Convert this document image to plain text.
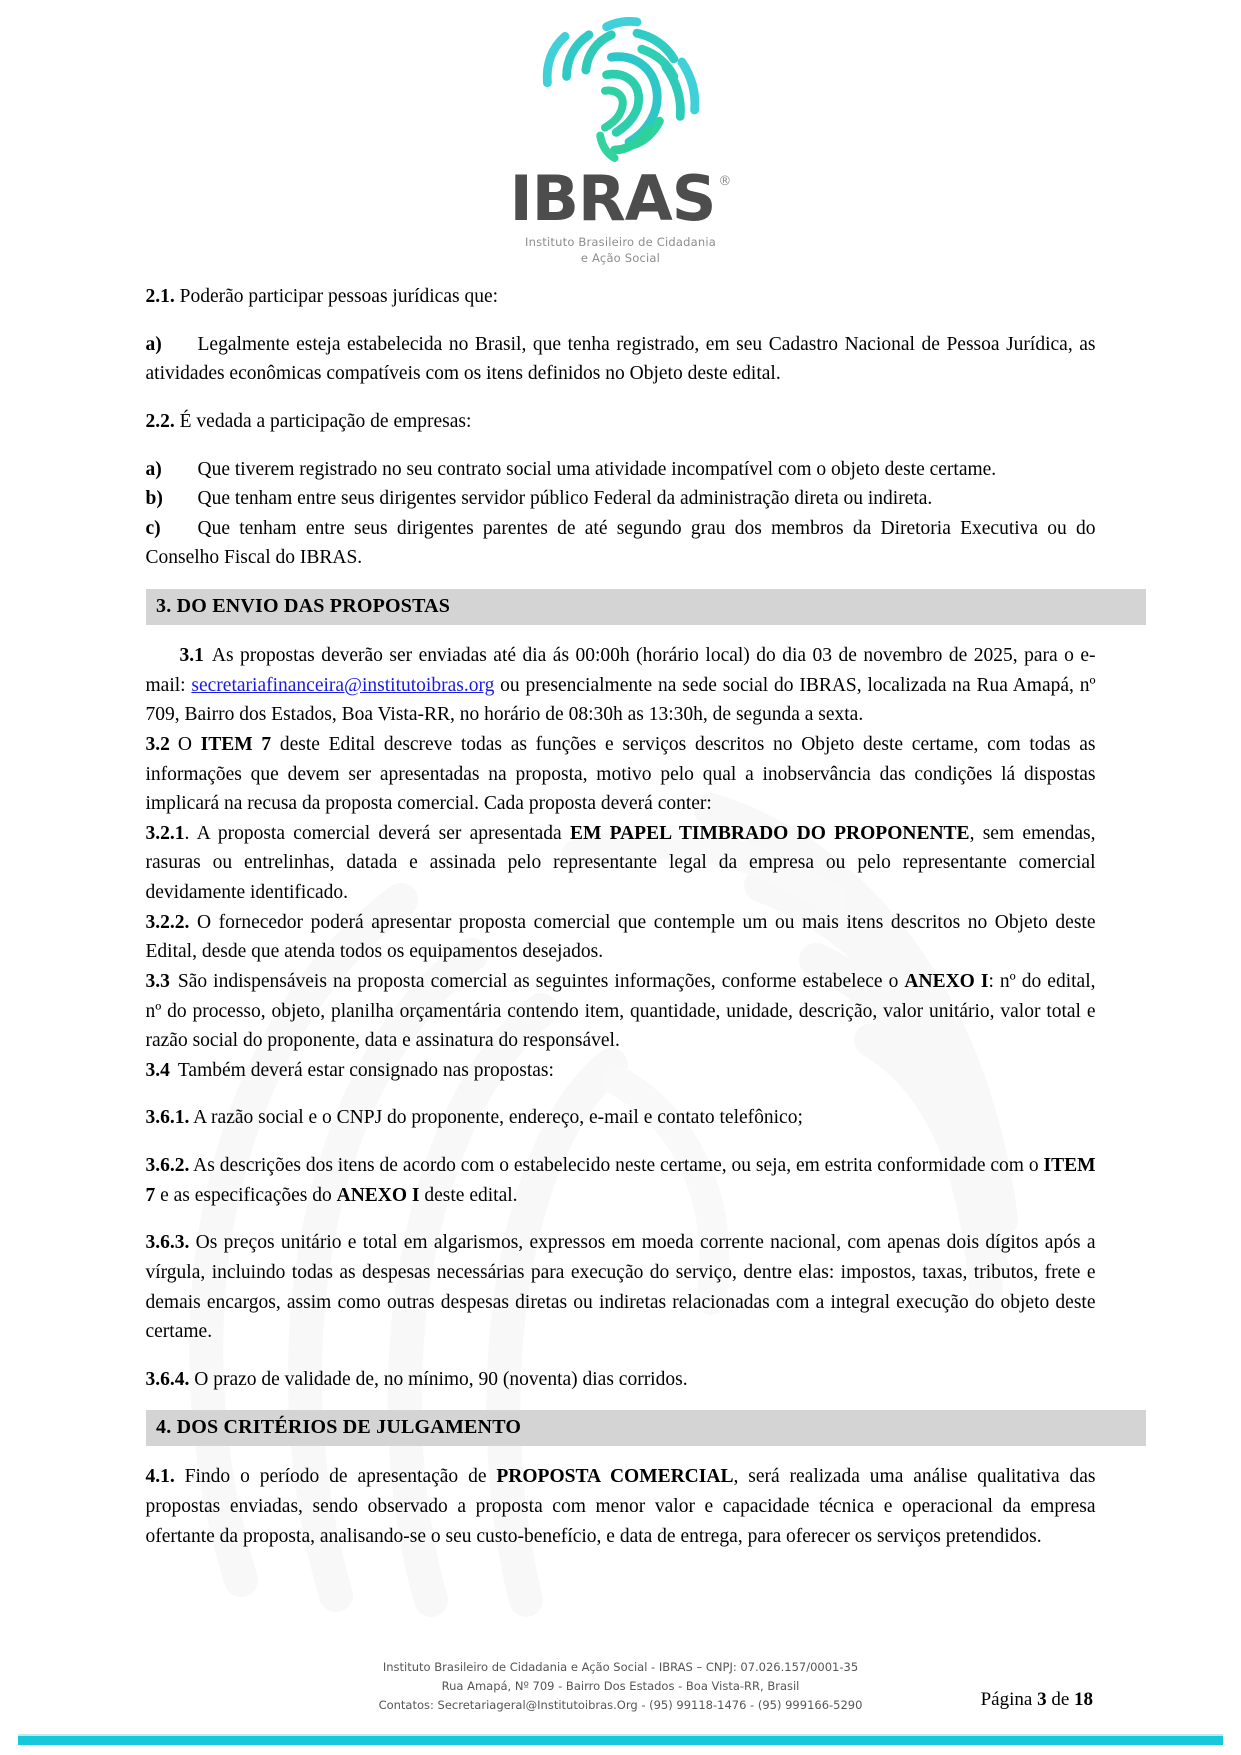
IBRAS ®
Instituto Brasileiro de Cidadania
e Ação Social

2.1. Poderão participar pessoas jurídicas que:

a) Legalmente esteja estabelecida no Brasil, que tenha registrado, em seu Cadastro Nacional de Pessoa Jurídica, as atividades econômicas compatíveis com os itens definidos no Objeto deste edital.

2.2. É vedada a participação de empresas:

a) Que tiverem registrado no seu contrato social uma atividade incompatível com o objeto deste certame.

b) Que tenham entre seus dirigentes servidor público Federal da administração direta ou indireta.

c) Que tenham entre seus dirigentes parentes de até segundo grau dos membros da Diretoria Executiva ou do Conselho Fiscal do IBRAS.

3. DO ENVIO DAS PROPOSTAS

3.1 As propostas deverão ser enviadas até dia ás 00:00h (horário local) do dia 03 de novembro de 2025, para o e-mail: secretariafinanceira@institutoibras.org ou presencialmente na sede social do IBRAS, localizada na Rua Amapá, nº 709, Bairro dos Estados, Boa Vista-RR, no horário de 08:30h as 13:30h, de segunda a sexta.

3.2 O ITEM 7 deste Edital descreve todas as funções e serviços descritos no Objeto deste certame, com todas as informações que devem ser apresentadas na proposta, motivo pelo qual a inobservância das condições lá dispostas implicará na recusa da proposta comercial. Cada proposta deverá conter:

3.2.1. A proposta comercial deverá ser apresentada EM PAPEL TIMBRADO DO PROPONENTE, sem emendas, rasuras ou entrelinhas, datada e assinada pelo representante legal da empresa ou pelo representante comercial devidamente identificado.

3.2.2. O fornecedor poderá apresentar proposta comercial que contemple um ou mais itens descritos no Objeto deste Edital, desde que atenda todos os equipamentos desejados.

3.3 São indispensáveis na proposta comercial as seguintes informações, conforme estabelece o ANEXO I: nº do edital, nº do processo, objeto, planilha orçamentária contendo item, quantidade, unidade, descrição, valor unitário, valor total e razão social do proponente, data e assinatura do responsável.

3.4 Também deverá estar consignado nas propostas:

3.6.1. A razão social e o CNPJ do proponente, endereço, e-mail e contato telefônico;

3.6.2. As descrições dos itens de acordo com o estabelecido neste certame, ou seja, em estrita conformidade com o ITEM 7 e as especificações do ANEXO I deste edital.

3.6.3. Os preços unitário e total em algarismos, expressos em moeda corrente nacional, com apenas dois dígitos após a vírgula, incluindo todas as despesas necessárias para execução do serviço, dentre elas: impostos, taxas, tributos, frete e demais encargos, assim como outras despesas diretas ou indiretas relacionadas com a integral execução do objeto deste certame.

3.6.4. O prazo de validade de, no mínimo, 90 (noventa) dias corridos.

4. DOS CRITÉRIOS DE JULGAMENTO

4.1. Findo o período de apresentação de PROPOSTA COMERCIAL, será realizada uma análise qualitativa das propostas enviadas, sendo observado a proposta com menor valor e capacidade técnica e operacional da empresa ofertante da proposta, analisando-se o seu custo-benefício, e data de entrega, para oferecer os serviços pretendidos.

Instituto Brasileiro de Cidadania e Ação Social - IBRAS – CNPJ: 07.026.157/0001-35
Rua Amapá, Nº 709 - Bairro Dos Estados - Boa Vista-RR, Brasil
Contatos: Secretariageral@Institutoibras.Org - (95) 99118-1476 - (95) 999166-5290	Página 3 de 18
